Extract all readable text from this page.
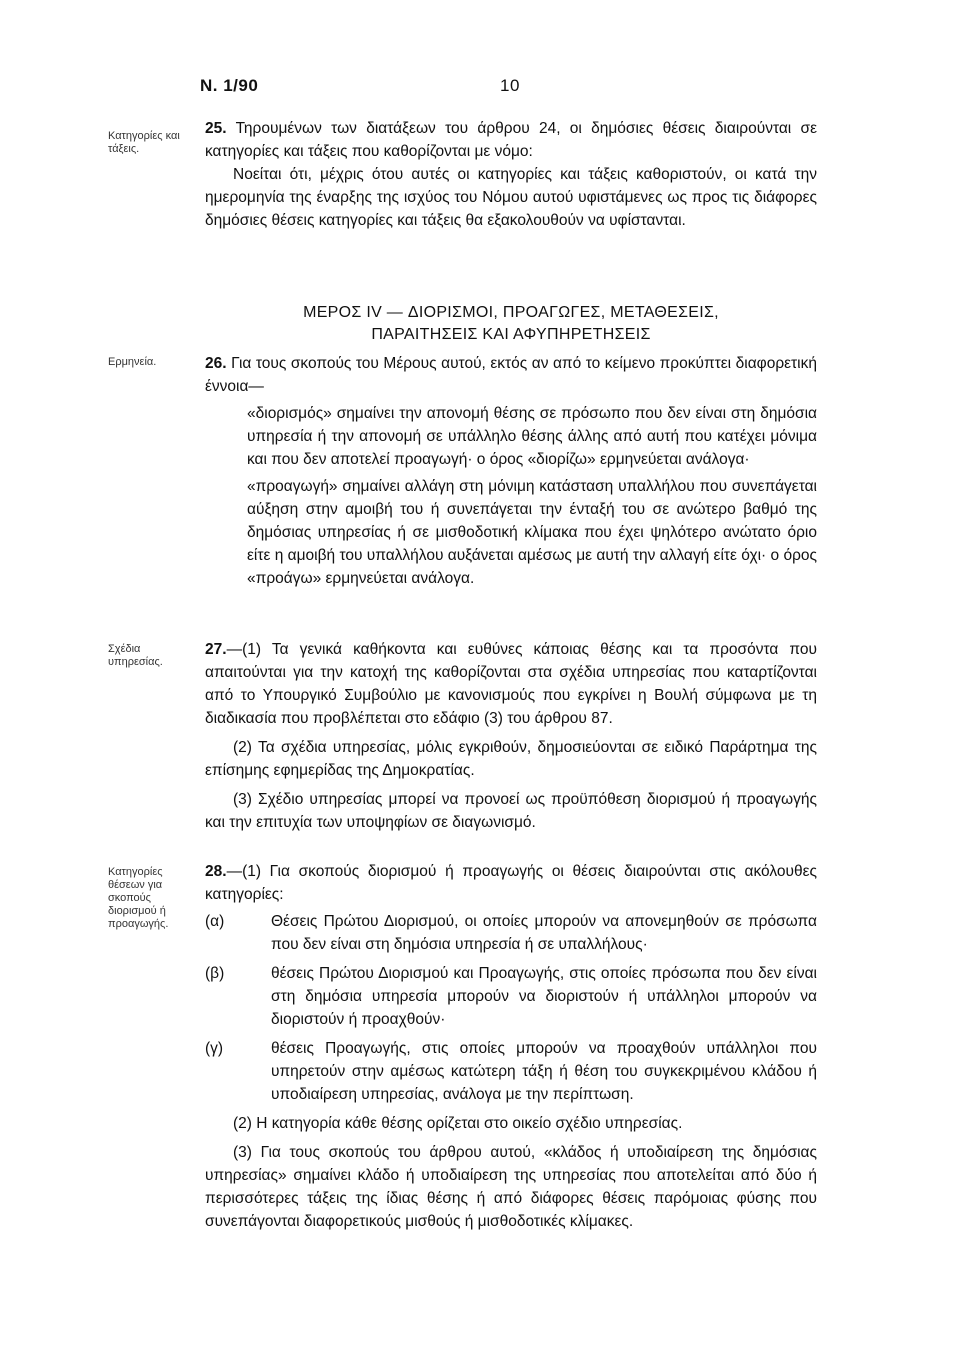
N. 1/90	10
Κατηγορίες και τάξεις.
Ερμηνεία.
Σχέδια υπηρεσίας.
Κατηγορίες θέσεων για σκοπούς διορισμού ή προαγωγής.

25. Τηρουμένων των διατάξεων του άρθρου 24, οι δημόσιες θέσεις διαιρούνται σε κατηγορίες και τάξεις που καθορίζονται με νόμο:

Νοείται ότι, μέχρις ότου αυτές οι κατηγορίες και τάξεις καθοριστούν, οι κατά την ημερομηνία της έναρξης της ισχύος του Νόμου αυτού υφιστάμενες ως προς τις διάφορες δημόσιες θέσεις κατηγορίες και τάξεις θα εξακολουθούν να υφίστανται.

ΜΕΡΟΣ IV — ΔΙΟΡΙΣΜΟΙ, ΠΡΟΑΓΩΓΕΣ, ΜΕΤΑΘΕΣΕΙΣ,
ΠΑΡΑΙΤΗΣΕΙΣ ΚΑΙ ΑΦΥΠΗΡΕΤΗΣΕΙΣ

26. Για τους σκοπούς του Μέρους αυτού, εκτός αν από το κείμενο προκύπτει διαφορετική έννοια—

«διορισμός» σημαίνει την απονομή θέσης σε πρόσωπο που δεν είναι στη δημόσια υπηρεσία ή την απονομή σε υπάλληλο θέσης άλλης από αυτή που κατέχει μόνιμα και που δεν αποτελεί προαγωγή· ο όρος «διορίζω» ερμηνεύεται ανάλογα·

«προαγωγή» σημαίνει αλλάγη στη μόνιμη κατάσταση υπαλλήλου που συνεπάγεται αύξηση στην αμοιβή του ή συνεπάγεται την ένταξή του σε ανώτερο βαθμό της δημόσιας υπηρεσίας ή σε μισθοδοτική κλίμακα που έχει ψηλότερο ανώτατο όριο είτε η αμοιβή του υπαλλήλου αυξάνεται αμέσως με αυτή την αλλαγή είτε όχι· ο όρος «προάγω» ερμηνεύεται ανάλογα.

27.—(1) Τα γενικά καθήκοντα και ευθύνες κάποιας θέσης και τα προσόντα που απαιτούνται για την κατοχή της καθορίζονται στα σχέδια υπηρεσίας που καταρτίζονται από το Υπουργικό Συμβούλιο με κανονισμούς που εγκρίνει η Βουλή σύμφωνα με τη διαδικασία που προβλέπεται στο εδάφιο (3) του άρθρου 87.

(2) Τα σχέδια υπηρεσίας, μόλις εγκριθούν, δημοσιεύονται σε ειδικό Παράρτημα της επίσημης εφημερίδας της Δημοκρατίας.

(3) Σχέδιο υπηρεσίας μπορεί να προνοεί ως προϋπόθεση διορισμού ή προαγωγής και την επιτυχία των υποψηφίων σε διαγωνισμό.

28.—(1) Για σκοπούς διορισμού ή προαγωγής οι θέσεις διαιρούνται στις ακόλουθες κατηγορίες:

(α)	Θέσεις Πρώτου Διορισμού, οι οποίες μπορούν να απονεμηθούν σε πρόσωπα που δεν είναι στη δημόσια υπηρεσία ή σε υπαλλήλους·
(β)	θέσεις Πρώτου Διορισμού και Προαγωγής, στις οποίες πρόσωπα που δεν είναι στη δημόσια υπηρεσία μπορούν να διοριστούν ή υπάλληλοι μπορούν να διοριστούν ή προαχθούν·
(γ)	θέσεις Προαγωγής, στις οποίες μπορούν να προαχθούν υπάλληλοι που υπηρετούν στην αμέσως κατώτερη τάξη ή θέση του συγκεκριμένου κλάδου ή υποδιαίρεση υπηρεσίας, ανάλογα με την περίπτωση.

(2) Η κατηγορία κάθε θέσης ορίζεται στο οικείο σχέδιο υπηρεσίας.

(3) Για τους σκοπούς του άρθρου αυτού, «κλάδος ή υποδιαίρεση της δημόσιας υπηρεσίας» σημαίνει κλάδο ή υποδιαίρεση της υπηρεσίας που αποτελείται από δύο ή περισσότερες τάξεις της ίδιας θέσης ή από διάφορες θέσεις παρόμοιας φύσης που συνεπάγονται διαφορετικούς μισθούς ή μισθοδοτικές κλίμακες.
